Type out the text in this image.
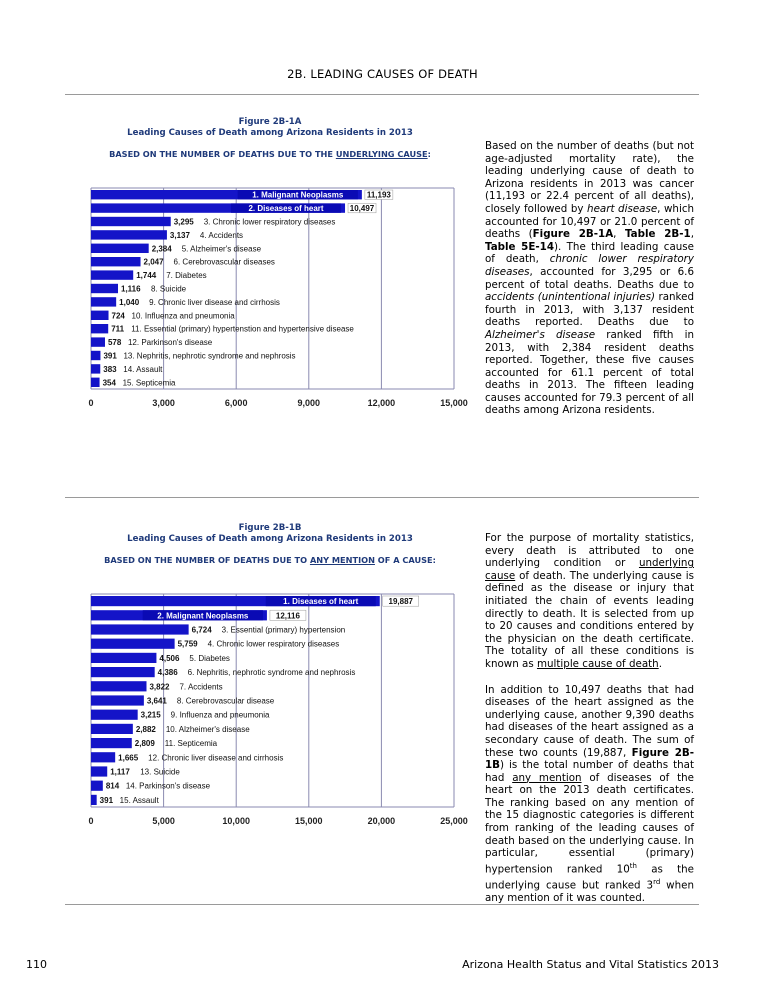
2B. LEADING CAUSES OF DEATH
Figure 2B-1A
Leading Causes of Death among Arizona Residents in 2013
BASED ON THE NUMBER OF DEATHS DUE TO THE UNDERLYING CAUSE:
0	3,000	6,000	9,000	12,000	15,000
1. Malignant Neoplasms	11,193
2. Diseases of heart	10,497
3,295 3. Chronic lower respiratory diseases
3,137 4. Accidents
2,384 5. Alzheimer's disease
2,047 6. Cerebrovascular diseases
1,744 7. Diabetes
1,116 8. Suicide
1,040 9. Chronic liver disease and cirrhosis
724 10. Influenza and pneumonia
711 11. Essential (primary) hypertenstion and hypertensive disease
578 12. Parkinson's disease
391 13. Nephritis, nephrotic syndrome and nephrosis
383 14. Assault
354 15. Septicemia

Based on the number of deaths (but not age-adjusted mortality rate), the leading underlying cause of death to Arizona residents in 2013 was cancer (11,193 or 22.4 percent of all deaths), closely followed by heart disease, which accounted for 10,497 or 21.0 percent of deaths (Figure 2B-1A, Table 2B-1, Table 5E-14). The third leading cause of death, chronic lower respiratory diseases, accounted for 3,295 or 6.6 percent of total deaths. Deaths due to accidents (unintentional injuries) ranked fourth in 2013, with 3,137 resident deaths reported. Deaths due to Alzheimer's disease ranked fifth in 2013, with 2,384 resident deaths reported. Together, these five causes accounted for 61.1 percent of total deaths in 2013. The fifteen leading causes accounted for 79.3 percent of all deaths among Arizona residents.

Figure 2B-1B
Leading Causes of Death among Arizona Residents in 2013
BASED ON THE NUMBER OF DEATHS DUE TO ANY MENTION OF A CAUSE:
0	5,000	10,000	15,000	20,000	25,000
1. Diseases of heart	19,887
2. Malignant Neoplasms	12,116
6,724 3. Essential (primary) hypertension
5,759 4. Chronic lower respiratory diseases
4,506 5. Diabetes
4,386 6. Nephritis, nephrotic syndrome and nephrosis
3,822 7. Accidents
3,641 8. Cerebrovascular disease
3,215 9. Influenza and pneumonia
2,882 10. Alzheimer's disease
2,809 11. Septicemia
1,665 12. Chronic liver disease and cirrhosis
1,117 13. Suicide
814 14. Parkinson's disease
391 15. Assault

For the purpose of mortality statistics, every death is attributed to one underlying condition or underlying cause of death. The underlying cause is defined as the disease or injury that initiated the chain of events leading directly to death. It is selected from up to 20 causes and conditions entered by the physician on the death certificate. The totality of all these conditions is known as multiple cause of death.

In addition to 10,497 deaths that had diseases of the heart assigned as the underlying cause, another 9,390 deaths had diseases of the heart assigned as a secondary cause of death. The sum of these two counts (19,887, Figure 2B-1B) is the total number of deaths that had any mention of diseases of the heart on the 2013 death certificates. The ranking based on any mention of the 15 diagnostic categories is different from ranking of the leading causes of death based on the underlying cause. In particular, essential (primary) hypertension ranked 10th as the underlying cause but ranked 3rd when any mention of it was counted.

110	Arizona Health Status and Vital Statistics 2013
